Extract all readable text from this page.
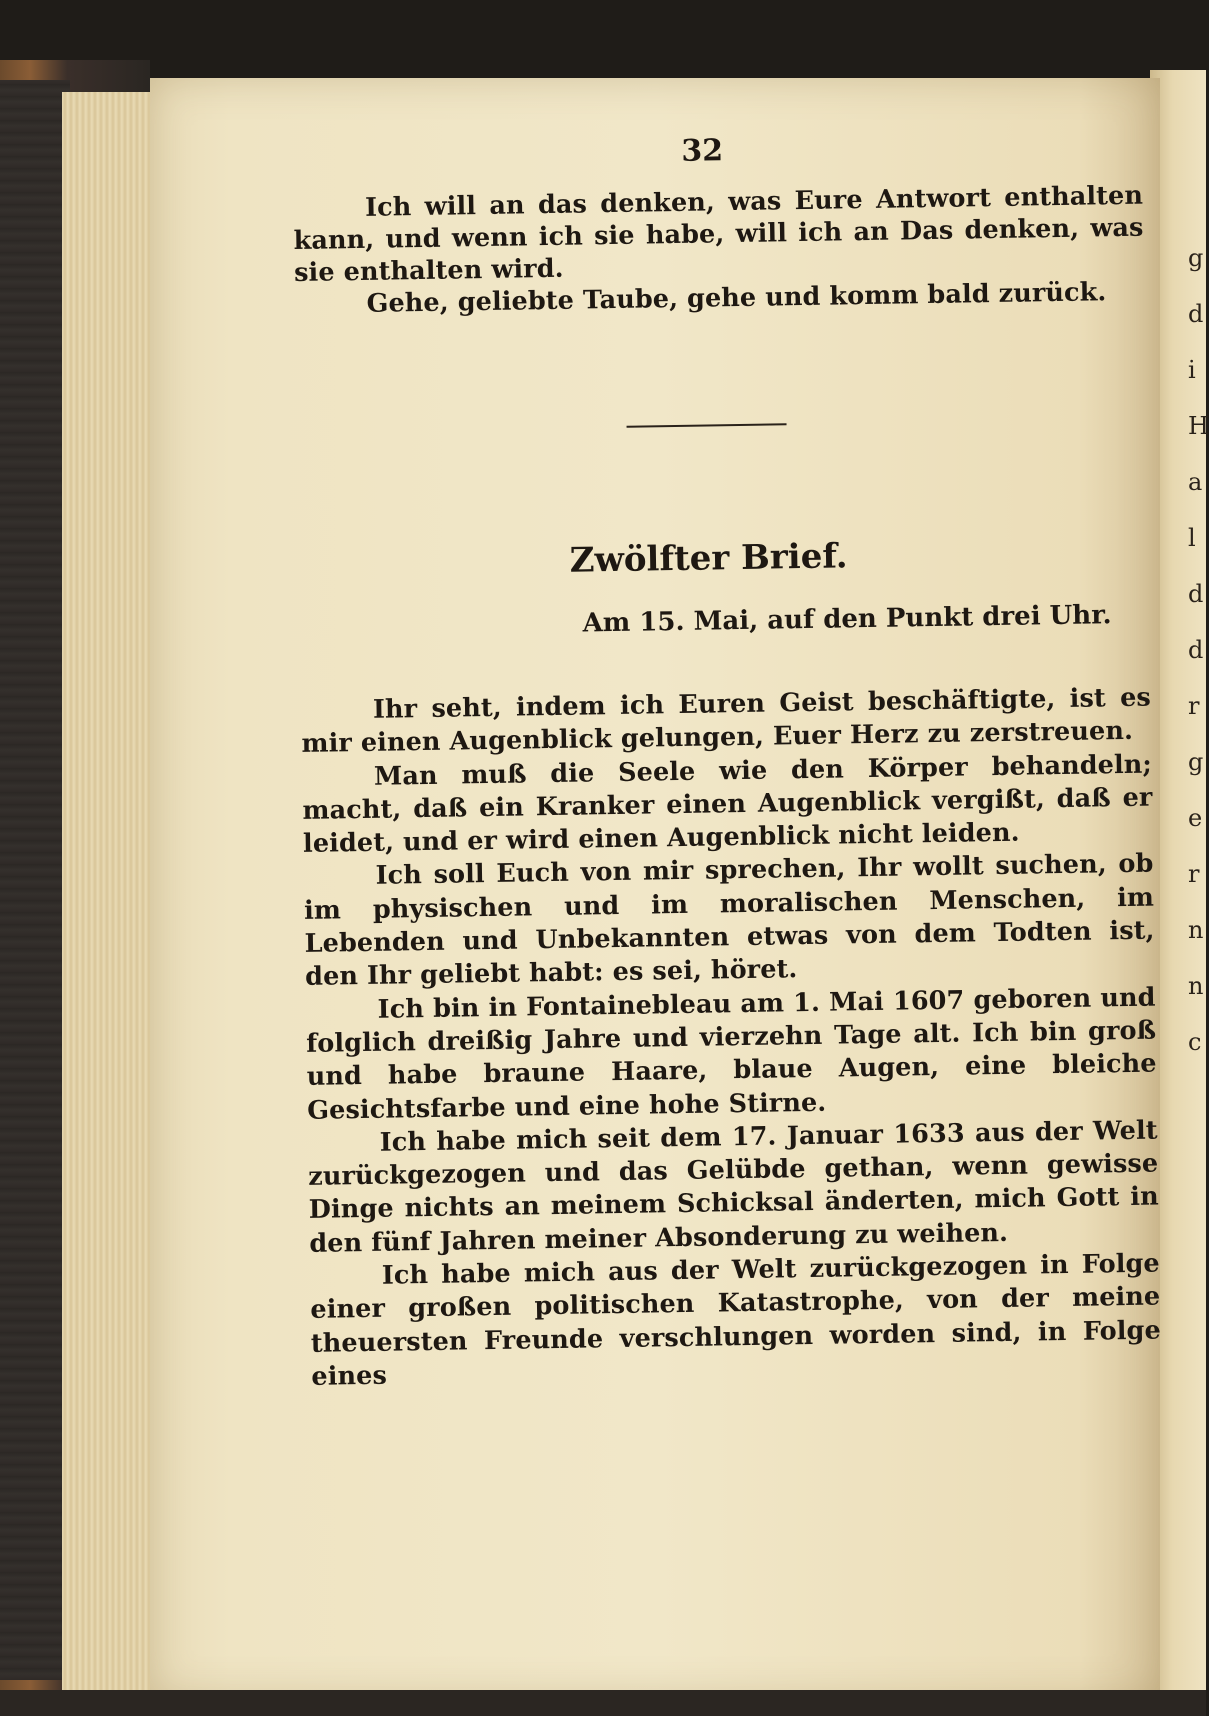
g
d
i
H
a
l
d
d
r
g
e
r
n
n
c
32

Ich will an das denken, was Eure Antwort enthalten kann, und wenn ich sie habe, will ich an Das denken, was sie enthalten wird.

Gehe, geliebte Taube, gehe und komm bald zurück.

Zwölfter Brief.
Am 15. Mai, auf den Punkt drei Uhr.

Ihr seht, indem ich Euren Geist beschäftigte, ist es mir einen Augenblick gelungen, Euer Herz zu zerstreuen.

Man muß die Seele wie den Körper behandeln; macht, daß ein Kranker einen Augenblick vergißt, daß er leidet, und er wird einen Augenblick nicht leiden.

Ich soll Euch von mir sprechen, Ihr wollt suchen, ob im physischen und im moralischen Menschen, im Lebenden und Unbekannten etwas von dem Todten ist, den Ihr geliebt habt: es sei, höret.

Ich bin in Fontainebleau am 1. Mai 1607 geboren und folglich dreißig Jahre und vierzehn Tage alt. Ich bin groß und habe braune Haare, blaue Augen, eine bleiche Gesichtsfarbe und eine hohe Stirne.

Ich habe mich seit dem 17. Januar 1633 aus der Welt zurückgezogen und das Gelübde gethan, wenn gewisse Dinge nichts an meinem Schicksal änderten, mich Gott in den fünf Jahren meiner Absonderung zu weihen.

Ich habe mich aus der Welt zurückgezogen in Folge einer großen politischen Katastrophe, von der meine theuersten Freunde verschlungen worden sind, in Folge eines
